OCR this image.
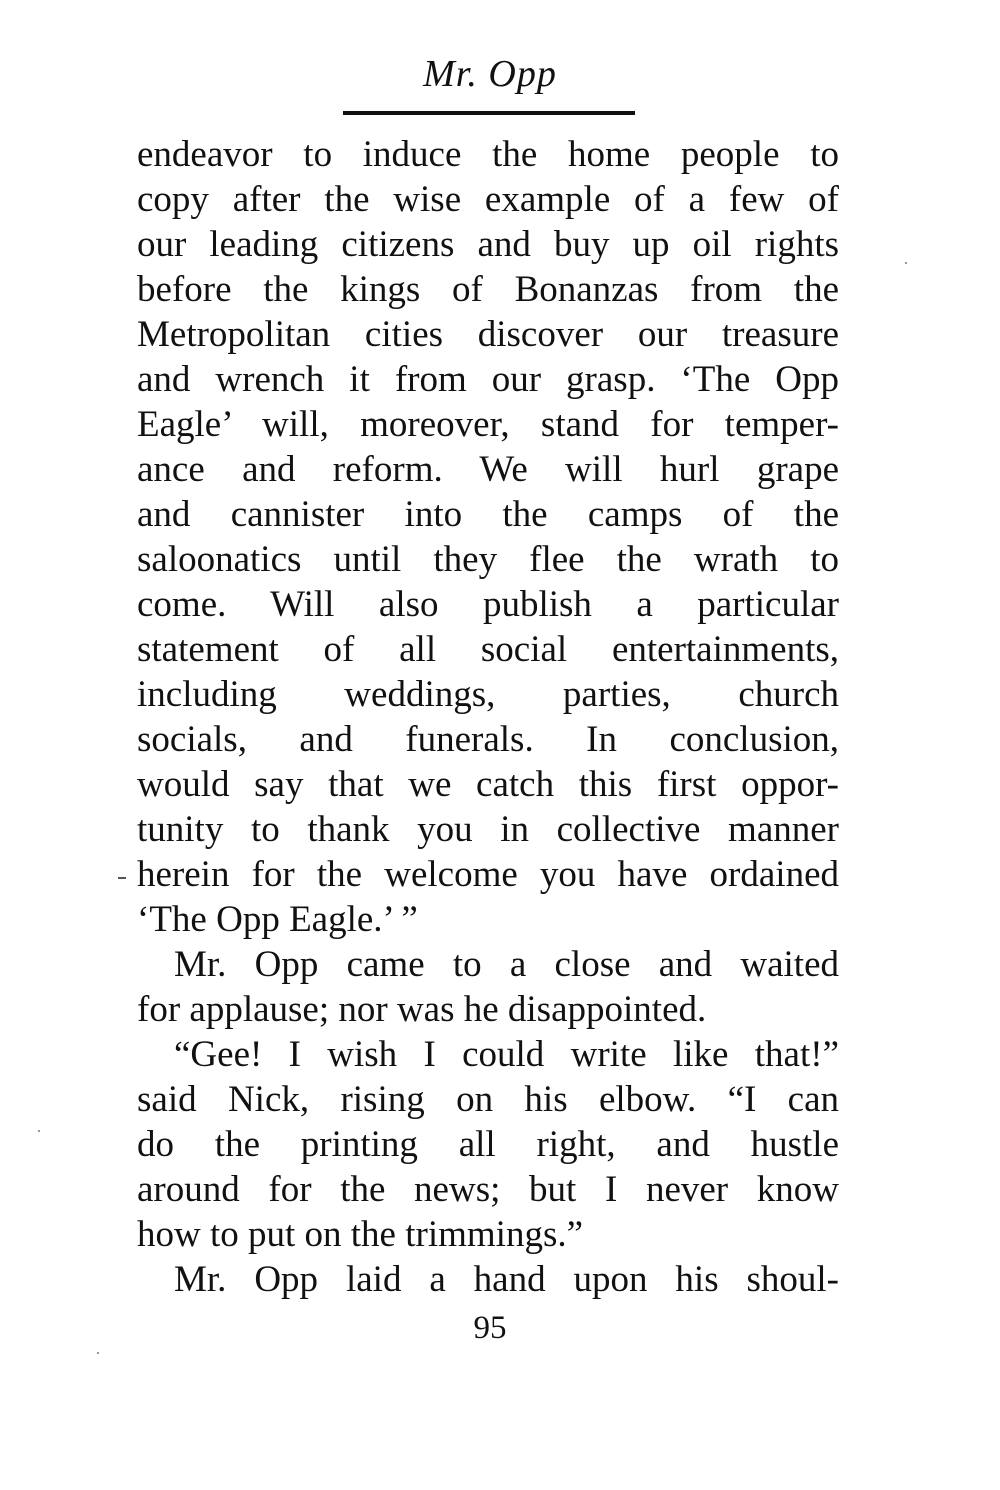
Mr. Opp
endeavor to induce the home people to
copy after the wise example of a few of
our leading citizens and buy up oil rights
before the kings of Bonanzas from the
Metropolitan cities discover our treasure
and wrench it from our grasp. ‘The Opp
Eagle’ will, moreover, stand for temper-
ance and reform. We will hurl grape
and cannister into the camps of the
saloonatics until they flee the wrath to
come. Will also publish a particular
statement of all social entertainments,
including weddings, parties, church
socials, and funerals. In conclusion,
would say that we catch this first oppor-
tunity to thank you in collective manner
herein for the welcome you have ordained
‘The Opp Eagle.’ ”
Mr. Opp came to a close and waited
for applause; nor was he disappointed.
“Gee! I wish I could write like that!”
said Nick, rising on his elbow. “I can
do the printing all right, and hustle
around for the news; but I never know
how to put on the trimmings.”
Mr. Opp laid a hand upon his shoul-
95
